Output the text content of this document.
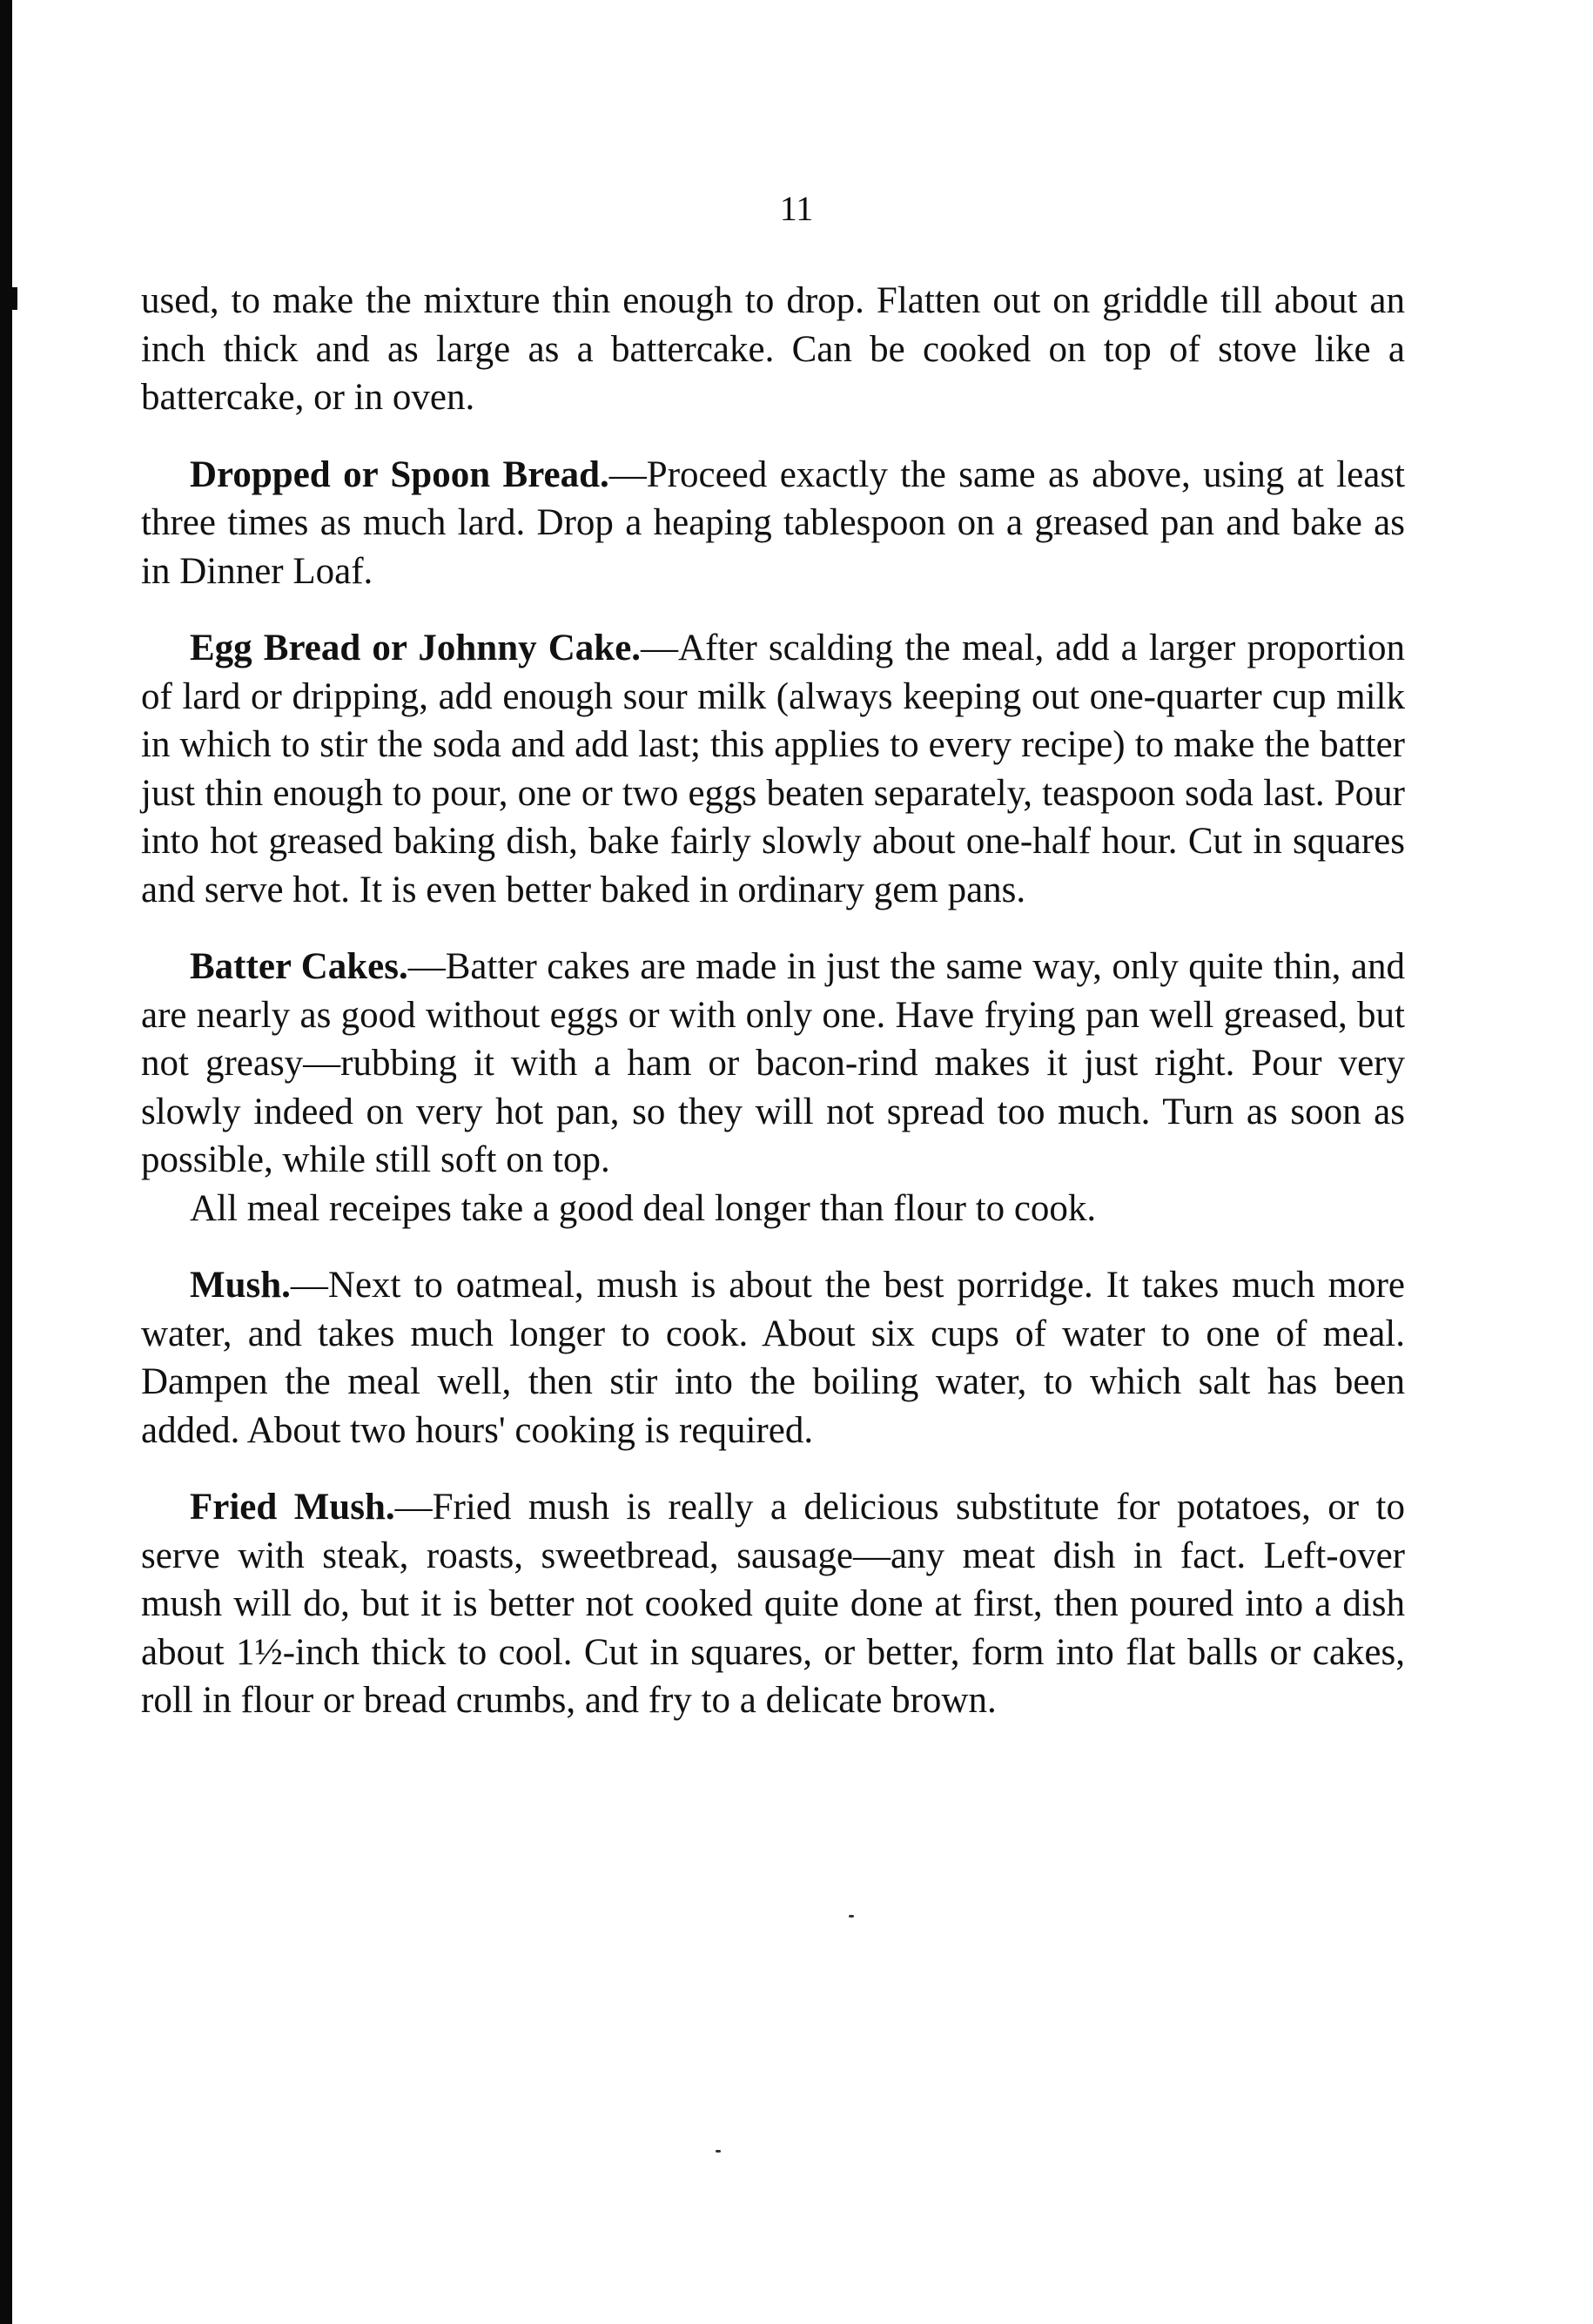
11

used, to make the mixture thin enough to drop. Flatten out on griddle till about an inch thick and as large as a battercake. Can be cooked on top of stove like a battercake, or in oven.

Dropped or Spoon Bread.—Proceed exactly the same as above, using at least three times as much lard. Drop a heaping tablespoon on a greased pan and bake as in Dinner Loaf.

Egg Bread or Johnny Cake.—After scalding the meal, add a larger proportion of lard or dripping, add enough sour milk (always keeping out one-quarter cup milk in which to stir the soda and add last; this applies to every recipe) to make the batter just thin enough to pour, one or two eggs beaten separately, teaspoon soda last. Pour into hot greased baking dish, bake fairly slowly about one-half hour. Cut in squares and serve hot. It is even better baked in ordinary gem pans.

Batter Cakes.—Batter cakes are made in just the same way, only quite thin, and are nearly as good without eggs or with only one. Have frying pan well greased, but not greasy—rubbing it with a ham or bacon-rind makes it just right. Pour very slowly indeed on very hot pan, so they will not spread too much. Turn as soon as possible, while still soft on top.

All meal receipes take a good deal longer than flour to cook.

Mush.—Next to oatmeal, mush is about the best porridge. It takes much more water, and takes much longer to cook. About six cups of water to one of meal. Dampen the meal well, then stir into the boiling water, to which salt has been added. About two hours' cooking is required.

Fried Mush.—Fried mush is really a delicious substitute for potatoes, or to serve with steak, roasts, sweetbread, sausage—any meat dish in fact. Left-over mush will do, but it is better not cooked quite done at first, then poured into a dish about 1½-inch thick to cool. Cut in squares, or better, form into flat balls or cakes, roll in flour or bread crumbs, and fry to a delicate brown.
